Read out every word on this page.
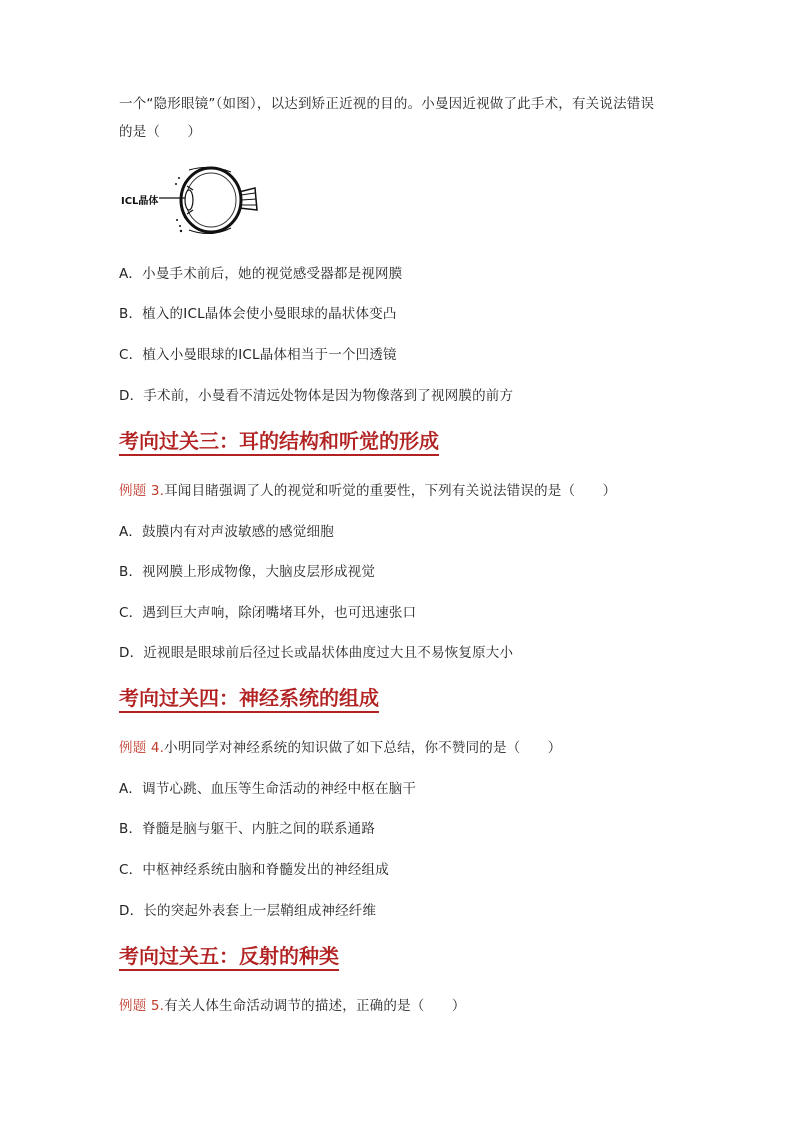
一个“隐形眼镜”（如图），以达到矫正近视的目的。小曼因近视做了此手术，有关说法错误
的是（　　）
ICL晶体
A．小曼手术前后，她的视觉感受器都是视网膜
B．植入的ICL晶体会使小曼眼球的晶状体变凸
C．植入小曼眼球的ICL晶体相当于一个凹透镜
D．手术前，小曼看不清远处物体是因为物像落到了视网膜的前方
考向过关三：耳的结构和听觉的形成
例题 3.耳闻目睹强调了人的视觉和听觉的重要性，下列有关说法错误的是（　　）
A．鼓膜内有对声波敏感的感觉细胞
B．视网膜上形成物像，大脑皮层形成视觉
C．遇到巨大声响，除闭嘴堵耳外，也可迅速张口
D．近视眼是眼球前后径过长或晶状体曲度过大且不易恢复原大小
考向过关四：神经系统的组成
例题 4.小明同学对神经系统的知识做了如下总结，你不赞同的是（　　）
A．调节心跳、血压等生命活动的神经中枢在脑干
B．脊髓是脑与躯干、内脏之间的联系通路
C．中枢神经系统由脑和脊髓发出的神经组成
D．长的突起外表套上一层鞘组成神经纤维
考向过关五：反射的种类
例题 5.有关人体生命活动调节的描述，正确的是（　　）
